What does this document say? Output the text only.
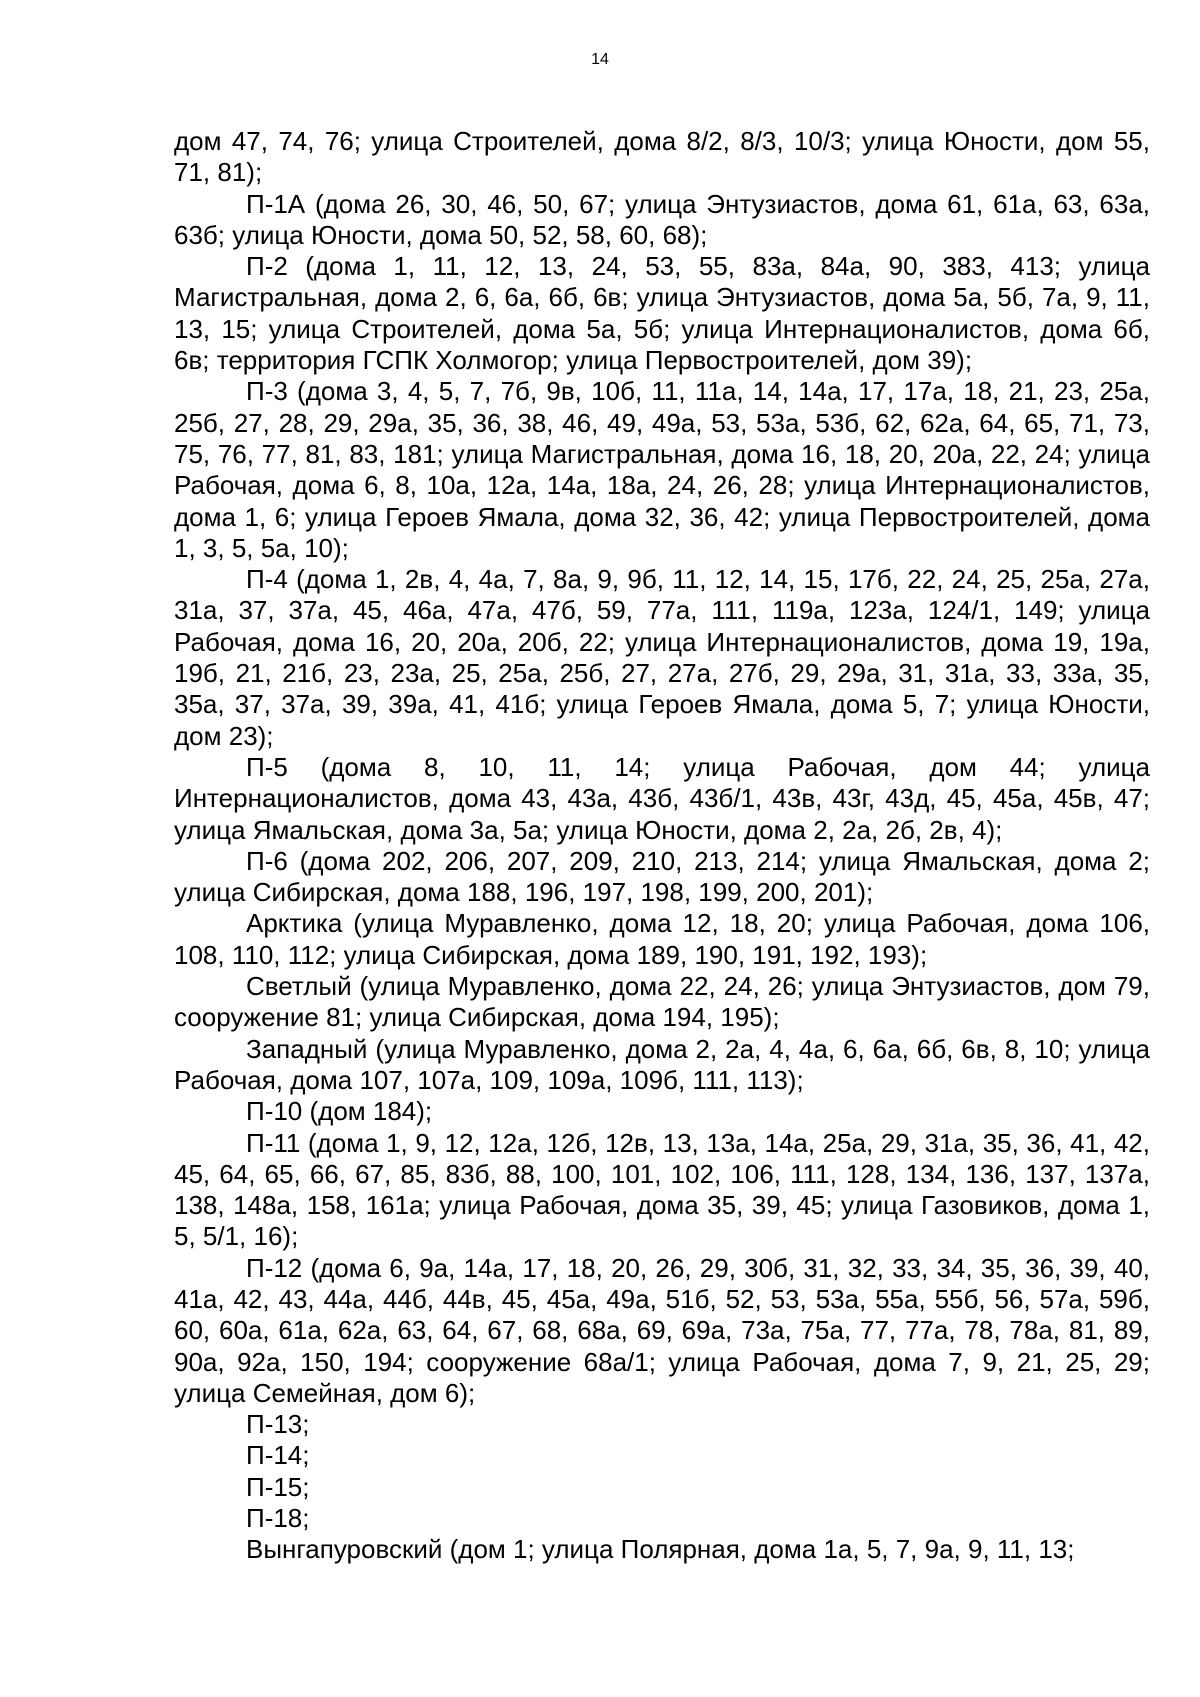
14

дом 47, 74, 76; улица Строителей, дома 8/2, 8/3, 10/3; улица Юности, дом 55, 71, 81);

П-1А (дома 26, 30, 46, 50, 67; улица Энтузиастов, дома 61, 61а, 63, 63а, 63б; улица Юности, дома 50, 52, 58, 60, 68);

П-2 (дома 1, 11, 12, 13, 24, 53, 55, 83а, 84а, 90, 383, 413; улица Магистральная, дома 2, 6, 6а, 6б, 6в; улица Энтузиастов, дома 5а, 5б, 7а, 9, 11, 13, 15; улица Строителей, дома 5а, 5б; улица Интернационалистов, дома 6б, 6в; территория ГСПК Холмогор; улица Первостроителей, дом 39);

П-3 (дома 3, 4, 5, 7, 7б, 9в, 10б, 11, 11а, 14, 14а, 17, 17а, 18, 21, 23, 25а, 25б, 27, 28, 29, 29а, 35, 36, 38, 46, 49, 49а, 53, 53а, 53б, 62, 62а, 64, 65, 71, 73, 75, 76, 77, 81, 83, 181; улица Магистральная, дома 16, 18, 20, 20а, 22, 24; улица Рабочая, дома 6, 8, 10а, 12а, 14а, 18а, 24, 26, 28; улица Интернационалистов, дома 1, 6; улица Героев Ямала, дома 32, 36, 42; улица Первостроителей, дома 1, 3, 5, 5а, 10);

П-4 (дома 1, 2в, 4, 4а, 7, 8а, 9, 9б, 11, 12, 14, 15, 17б, 22, 24, 25, 25а, 27а, 31а, 37, 37а, 45, 46а, 47а, 47б, 59, 77а, 111, 119а, 123а, 124/1, 149; улица Рабочая, дома 16, 20, 20а, 20б, 22; улица Интернационалистов, дома 19, 19а, 19б, 21, 21б, 23, 23а, 25, 25а, 25б, 27, 27а, 27б, 29, 29а, 31, 31а, 33, 33а, 35, 35а, 37, 37а, 39, 39а, 41, 41б; улица Героев Ямала, дома 5, 7; улица Юности, дом 23);

П-5 (дома 8, 10, 11, 14; улица Рабочая, дом 44; улица Интернационалистов, дома 43, 43а, 43б, 43б/1, 43в, 43г, 43д, 45, 45а, 45в, 47; улица Ямальская, дома 3а, 5а; улица Юности, дома 2, 2а, 2б, 2в, 4);

П-6 (дома 202, 206, 207, 209, 210, 213, 214; улица Ямальская, дома 2; улица Сибирская, дома 188, 196, 197, 198, 199, 200, 201);

Арктика (улица Муравленко, дома 12, 18, 20; улица Рабочая, дома 106, 108, 110, 112; улица Сибирская, дома 189, 190, 191, 192, 193);

Светлый (улица Муравленко, дома 22, 24, 26; улица Энтузиастов, дом 79, сооружение 81; улица Сибирская, дома 194, 195);

Западный (улица Муравленко, дома 2, 2а, 4, 4а, 6, 6а, 6б, 6в, 8, 10; улица Рабочая, дома 107, 107а, 109, 109а, 109б, 111, 113);

П-10 (дом 184);

П-11 (дома 1, 9, 12, 12а, 12б, 12в, 13, 13а, 14а, 25а, 29, 31а, 35, 36, 41, 42, 45, 64, 65, 66, 67, 85, 83б, 88, 100, 101, 102, 106, 111, 128, 134, 136, 137, 137а, 138, 148а, 158, 161а; улица Рабочая, дома 35, 39, 45; улица Газовиков, дома 1, 5, 5/1, 16);

П-12 (дома 6, 9а, 14а, 17, 18, 20, 26, 29, 30б, 31, 32, 33, 34, 35, 36, 39, 40, 41а, 42, 43, 44а, 44б, 44в, 45, 45а, 49а, 51б, 52, 53, 53а, 55а, 55б, 56, 57а, 59б, 60, 60а, 61а, 62а, 63, 64, 67, 68, 68а, 69, 69а, 73а, 75а, 77, 77а, 78, 78а, 81, 89, 90а, 92а, 150, 194; сооружение 68а/1; улица Рабочая, дома 7, 9, 21, 25, 29; улица Семейная, дом 6);

П-13;

П-14;

П-15;

П-18;

Вынгапуровский (дом 1; улица Полярная, дома 1а, 5, 7, 9а, 9, 11, 13;
